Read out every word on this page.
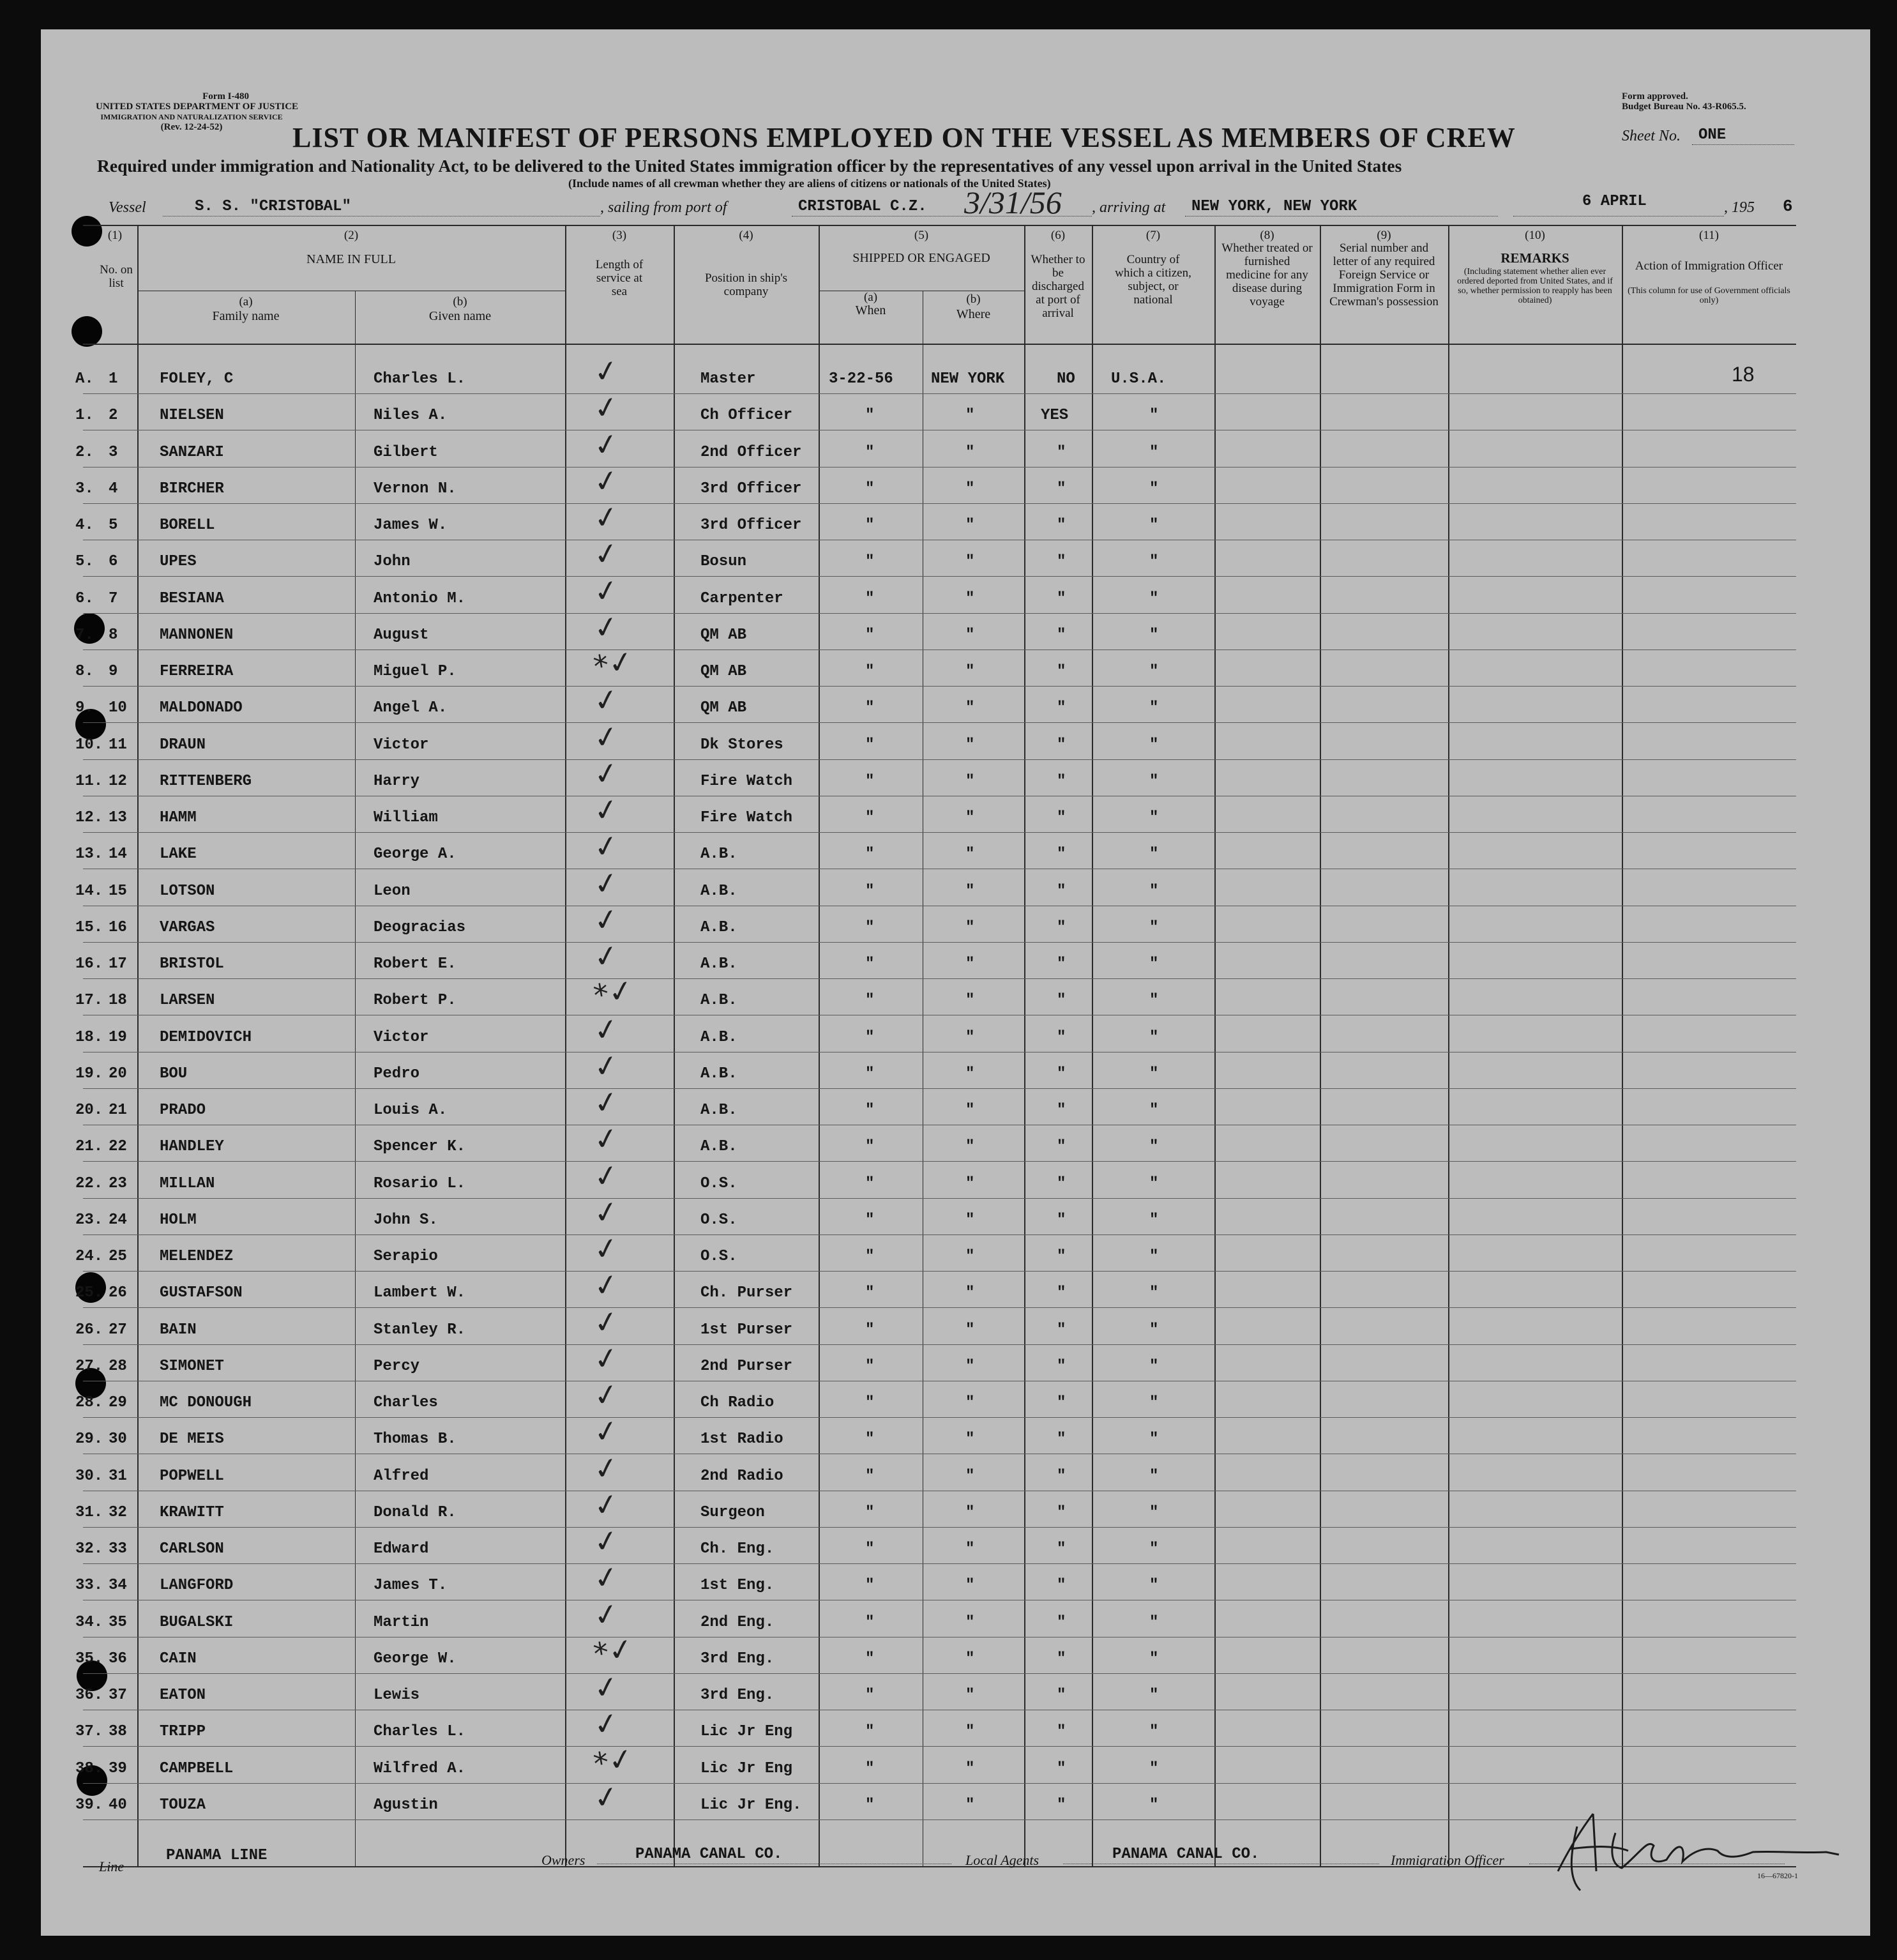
Form I-480
UNITED STATES DEPARTMENT OF JUSTICE
IMMIGRATION AND NATURALIZATION SERVICE
(Rev. 12-24-52)
Form approved.
Budget Bureau No. 43-R065.5.
LIST OR MANIFEST OF PERSONS EMPLOYED ON THE VESSEL AS MEMBERS OF CREW	Sheet No. ONE
Required under immigration and Nationality Act, to be delivered to the United States immigration officer by the representatives of any vessel upon arrival in the United States
(Include names of all crewman whether they are aliens of citizens or nationals of the United States)
Vessel	S. S. "CRISTOBAL"	, sailing from port of	CRISTOBAL C.Z. 3/31/56 , arriving at NEW YORK, NEW YORK	6 APRIL	, 195 6
(1)
No. on list
(2)
NAME IN FULL
(a)
Family name
(b)
Given name
(3)
Length of service at sea
(4)
Position in ship's company
(5)
SHIPPED OR ENGAGED
(a)
When
(b)
Where
(6)
Whether to be discharged at port of arrival
(7)
Country of which a citizen, subject, or national
(8)
Whether treated or furnished medicine for any disease during voyage
(9)
Serial number and letter of any required Foreign Service or Immigration Form in Crewman's possession
(10)
REMARKS
(Including statement whether alien ever ordered deported from United States, and if so, whether permission to reapply has been obtained)
(11)
Action of Immigration Officer
(This column for use of Government officials only)
A. 1	FOLEY, C	Charles L.	✓	Master	3-22-56 NEW YORK	NO U.S.A.	18
1. 2	NIELSEN	Niles A.	✓	Ch Officer	"	"	YES	"
2. 3	SANZARI	Gilbert	✓	2nd Officer	"	"	"	"
3. 4	BIRCHER	Vernon N.	✓	3rd Officer	"	"	"	"
4. 5	BORELL	James W.	✓	3rd Officer	"	"	"	"
5. 6	UPES	John	✓	Bosun	"	"	"	"
6. 7	BESIANA	Antonio M.	✓	Carpenter	"	"	"	"
7. 8	MANNONEN	August	✓	QM AB	"	"	"	"
8. 9	FERREIRA	Miguel P.	*✓	QM AB	"	"	"	"
9. 10 MALDONADO	Angel A.	✓	QM AB	"	"	"	"
10. 11 DRAUN	Victor	✓	Dk Stores	"	"	"	"
11. 12 RITTENBERG	Harry	✓	Fire Watch	"	"	"	"
12. 13 HAMM	William	✓	Fire Watch	"	"	"	"
13. 14 LAKE	George A.	✓	A.B.	"	"	"	"
14. 15 LOTSON	Leon	✓	A.B.	"	"	"	"
15. 16 VARGAS	Deogracias	✓	A.B.	"	"	"	"
16. 17 BRISTOL	Robert E.	✓	A.B.	"	"	"	"
17. 18 LARSEN	Robert P.	*✓	A.B.	"	"	"	"
18. 19 DEMIDOVICH	Victor	✓	A.B.	"	"	"	"
19. 20 BOU	Pedro	✓	A.B.	"	"	"	"
20. 21 PRADO	Louis A.	✓	A.B.	"	"	"	"
21. 22 HANDLEY	Spencer K.	✓	A.B.	"	"	"	"
22. 23 MILLAN	Rosario L.	✓	O.S.	"	"	"	"
23. 24 HOLM	John S.	✓	O.S.	"	"	"	"
24. 25 MELENDEZ	Serapio	✓	O.S.	"	"	"	"
25. 26 GUSTAFSON	Lambert W.	✓	Ch. Purser	"	"	"	"
26. 27 BAIN	Stanley R.	✓	1st Purser	"	"	"	"
27. 28 SIMONET	Percy	✓	2nd Purser	"	"	"	"
28. 29 MC DONOUGH	Charles	✓	Ch Radio	"	"	"	"
29. 30 DE MEIS	Thomas B.	✓	1st Radio	"	"	"	"
30. 31 POPWELL	Alfred	✓	2nd Radio	"	"	"	"
31. 32 KRAWITT	Donald R.	✓	Surgeon	"	"	"	"
32. 33 CARLSON	Edward	✓	Ch. Eng.	"	"	"	"
33. 34 LANGFORD	James T.	✓	1st Eng.	"	"	"	"
34. 35 BUGALSKI	Martin	✓	2nd Eng.	"	"	"	"
35. 36 CAIN	George W.	*✓	3rd Eng.	"	"	"	"
36. 37 EATON	Lewis	✓	3rd Eng.	"	"	"	"
37. 38 TRIPP	Charles L.	✓	Lic Jr Eng	"	"	"	"
38. 39 CAMPBELL	Wilfred A.	*✓	Lic Jr Eng	"	"	"	"
39. 40 TOUZA	Agustin	✓	Lic Jr Eng.	"	"	"	"
Line
PANAMA LINE	Owners	PANAMA CANAL CO.	Local Agents	PANAMA CANAL CO.	Immigration Officer
16—67820-1
